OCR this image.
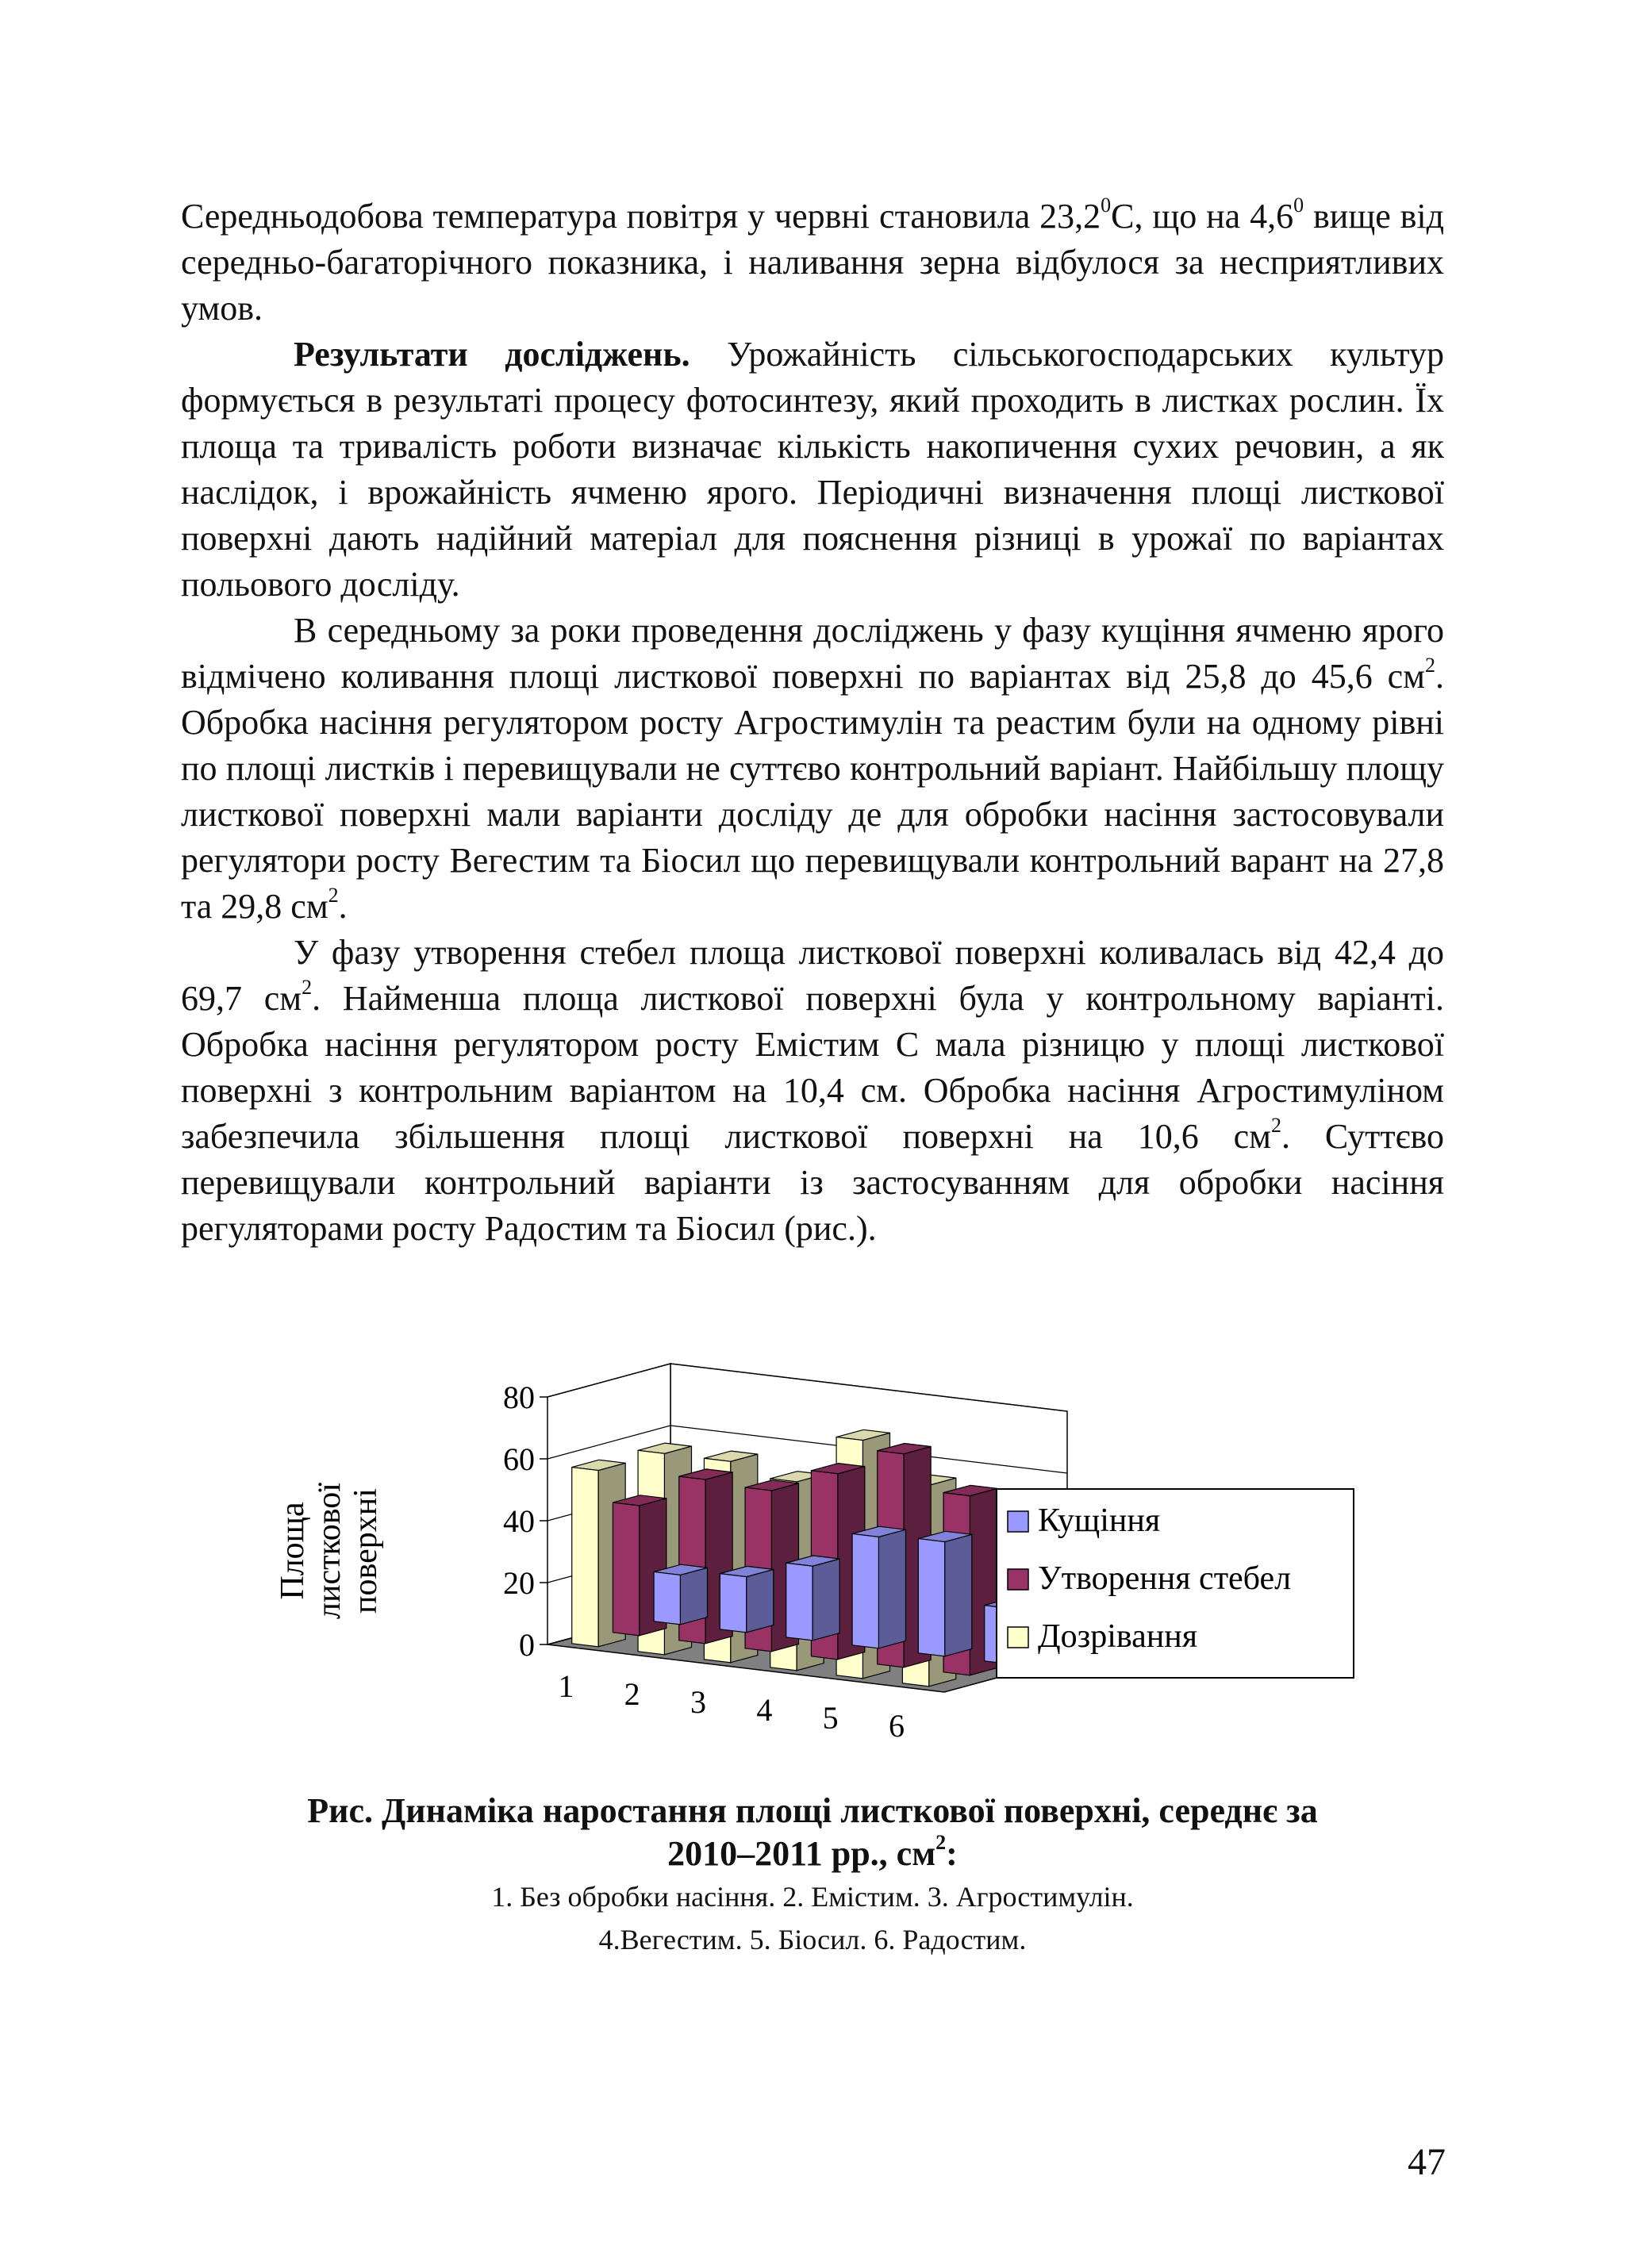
Середньодобова температура повітря у червні становила 23,2$^0$С, що на $4,6^0$ вище від середньо-багаторічного показника, і наливання зерна відбулося за несприятливих умов.

Результати досліджень. Урожайність сільськогосподарських культур формується в результаті процесу фотосинтезу, який проходить в листках рослин. Їх площа та тривалість роботи визначає кількість накопичення сухих речовин, а як наслідок, і врожайність ячменю ярого. Періодичні визначення площі листкової поверхні дають надійний матеріал для пояснення різниці в урожаї по варіантах польового досліду.

В середньому за роки проведення досліджень у фазу кущіння ячменю ярого відмічено коливання площі листкової поверхні по варіантах від 25,8 до 45,6 $см^2$. Обробка насіння регулятором росту Агростимулін та реастим були на одному рівні по площі листків і перевищували не суттєво контрольний варіант. Найбільшу площу листкової поверхні мали варіанти досліду де для обробки насіння застосовували регулятори росту Вегестим та Біосил що перевищували контрольний варант на 27,8 та 29,8 $см^2$.

У фазу утворення стебел площа листкової поверхні коливалась від 42,4 до 69,7 $см^2$. Найменша площа листкової поверхні була у контрольному варіанті. Обробка насіння регулятором росту Емістим С мала різницю у площі листкової поверхні з контрольним варіантом на 10,4 см. Обробка насіння Агростимуліном забезпечила збільшення площі листкової поверхні на 10,6 $см^2$. Суттєво перевищували контрольний варіанти із застосуванням для обробки насіння регуляторами росту Радостим та Біосил (рис.).

0
20
40
60
80
1 2 3 4 5 6
Площа листкової поверхні	Кущіння
Утворення стебел
Дозрівання
Рис. Динаміка наростання площі листкової поверхні, середнє за
2010–2011 рр., $см^2$:
1. Без обробки насіння. 2. Емістим. 3. Агростимулін.
4.Вегестим. 5. Біосил. 6. Радостим.
47
